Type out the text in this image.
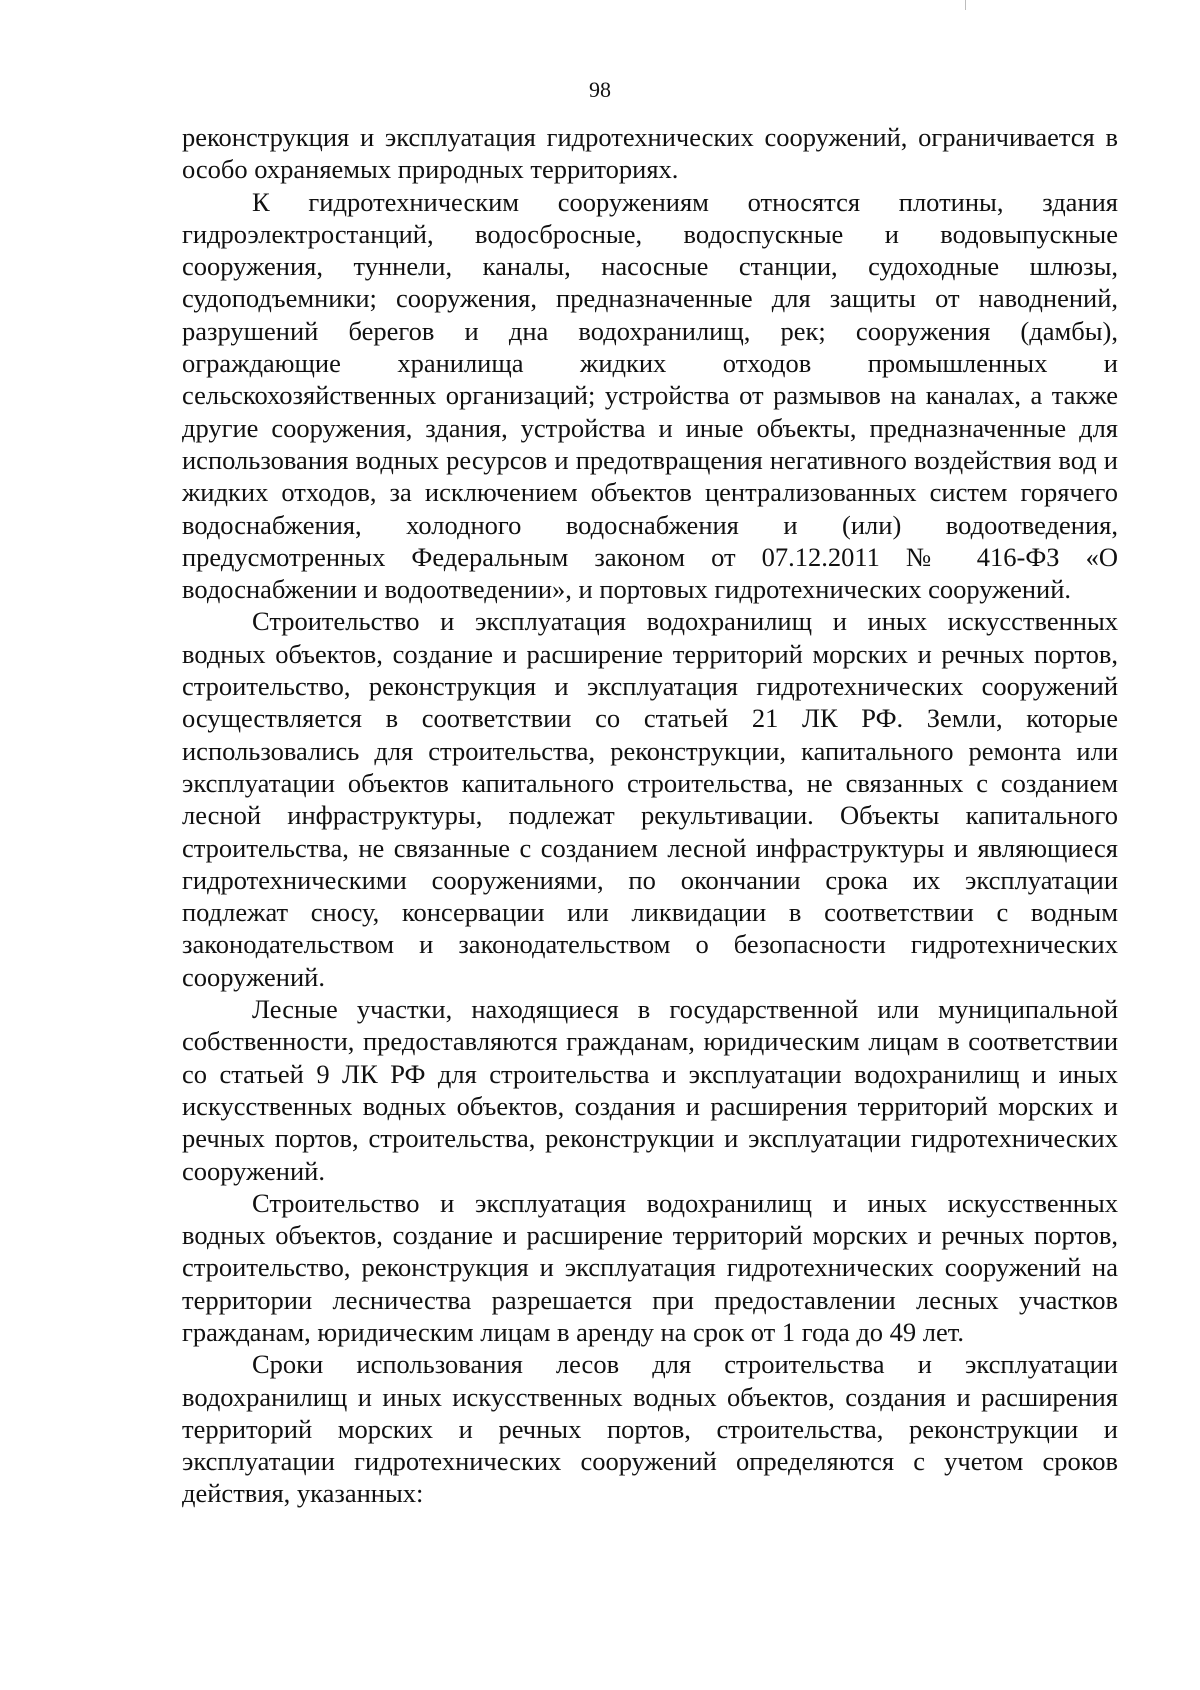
98

реконструкция и эксплуатация гидротехнических сооружений, ограничивается в особо охраняемых природных территориях.

К гидротехническим сооружениям относятся плотины, здания гидроэлектростанций, водосбросные, водоспускные и водовыпускные сооружения, туннели, каналы, насосные станции, судоходные шлюзы, судоподъемники; сооружения, предназначенные для защиты от наводнений, разрушений берегов и дна водохранилищ, рек; сооружения (дамбы), ограждающие хранилища жидких отходов промышленных и сельскохозяйственных организаций; устройства от размывов на каналах, а также другие сооружения, здания, устройства и иные объекты, предназначенные для использования водных ресурсов и предотвращения негативного воздействия вод и жидких отходов, за исключением объектов централизованных систем горячего водоснабжения, холодного водоснабжения и (или) водоотведения, предусмотренных Федеральным законом от 07.12.2011 № 416-ФЗ «О водоснабжении и водоотведении», и портовых гидротехнических сооружений.

Строительство и эксплуатация водохранилищ и иных искусственных водных объектов, создание и расширение территорий морских и речных портов, строительство, реконструкция и эксплуатация гидротехнических сооружений осуществляется в соответствии со статьей 21 ЛК РФ. Земли, которые использовались для строительства, реконструкции, капитального ремонта или эксплуатации объектов капитального строительства, не связанных с созданием лесной инфраструктуры, подлежат рекультивации. Объекты капитального строительства, не связанные с созданием лесной инфраструктуры и являющиеся гидротехническими сооружениями, по окончании срока их эксплуатации подлежат сносу, консервации или ликвидации в соответствии с водным законодательством и законодательством о безопасности гидротехнических сооружений.

Лесные участки, находящиеся в государственной или муниципальной собственности, предоставляются гражданам, юридическим лицам в соответствии со статьей 9 ЛК РФ для строительства и эксплуатации водохранилищ и иных искусственных водных объектов, создания и расширения территорий морских и речных портов, строительства, реконструкции и эксплуатации гидротехнических сооружений.

Строительство и эксплуатация водохранилищ и иных искусственных водных объектов, создание и расширение территорий морских и речных портов, строительство, реконструкция и эксплуатация гидротехнических сооружений на территории лесничества разрешается при предоставлении лесных участков гражданам, юридическим лицам в аренду на срок от 1 года до 49 лет.

Сроки использования лесов для строительства и эксплуатации водохранилищ и иных искусственных водных объектов, создания и расширения территорий морских и речных портов, строительства, реконструкции и эксплуатации гидротехнических сооружений определяются с учетом сроков действия, указанных:
